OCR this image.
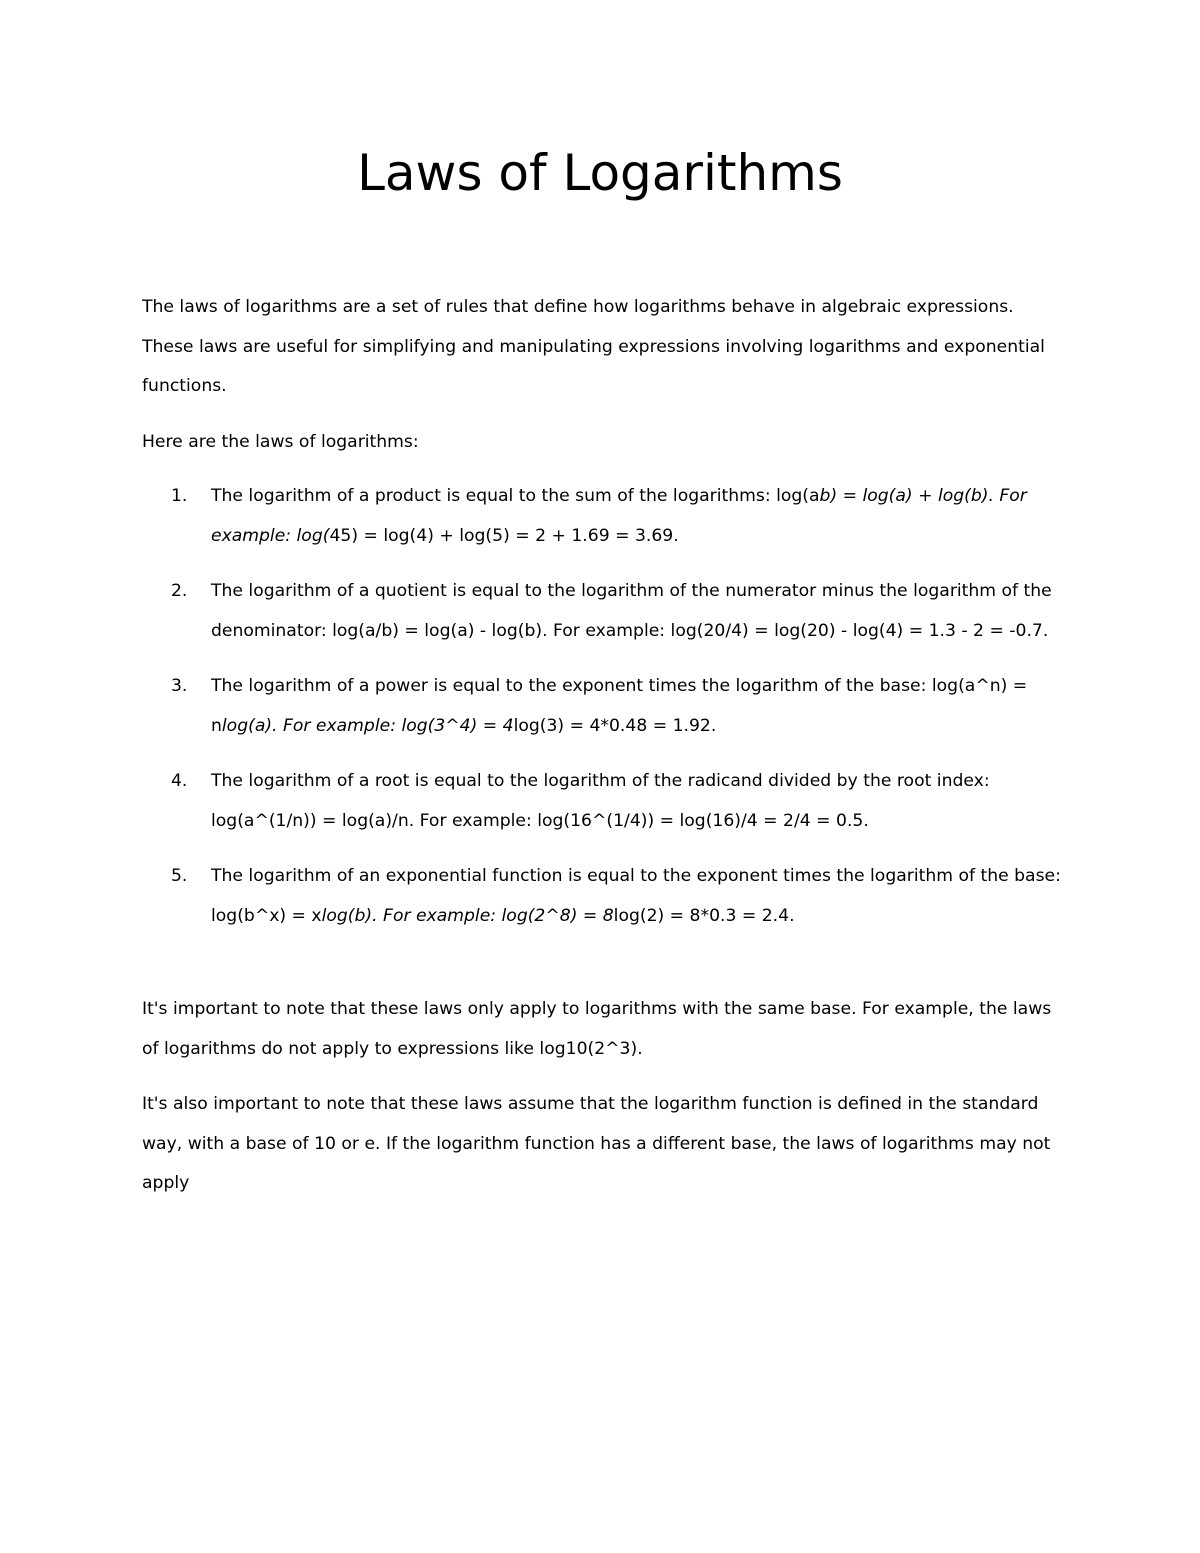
Laws of Logarithms

The laws of logarithms are a set of rules that define how logarithms behave in algebraic expressions. These laws are useful for simplifying and manipulating expressions involving logarithms and exponential functions.

Here are the laws of logarithms:

1. The logarithm of a product is equal to the sum of the logarithms: log(ab) = log(a) + log(b). For example: log(45) = log(4) + log(5) = 2 + 1.69 = 3.69.
2. The logarithm of a quotient is equal to the logarithm of the numerator minus the logarithm of the denominator: log(a/b) = log(a) - log(b). For example: log(20/4) = log(20) - log(4) = 1.3 - 2 = -0.7.
3. The logarithm of a power is equal to the exponent times the logarithm of the base: log(a^n) = nlog(a). For example: log(3^4) = 4log(3) = 4*0.48 = 1.92.
4. The logarithm of a root is equal to the logarithm of the radicand divided by the root index: log(a^(1/n)) = log(a)/n. For example: log(16^(1/4)) = log(16)/4 = 2/4 = 0.5.
5. The logarithm of an exponential function is equal to the exponent times the logarithm of the base: log(b^x) = xlog(b). For example: log(2^8) = 8log(2) = 8*0.3 = 2.4.

It's important to note that these laws only apply to logarithms with the same base. For example, the laws of logarithms do not apply to expressions like log10(2^3).

It's also important to note that these laws assume that the logarithm function is defined in the standard way, with a base of 10 or e. If the logarithm function has a different base, the laws of logarithms may not apply
